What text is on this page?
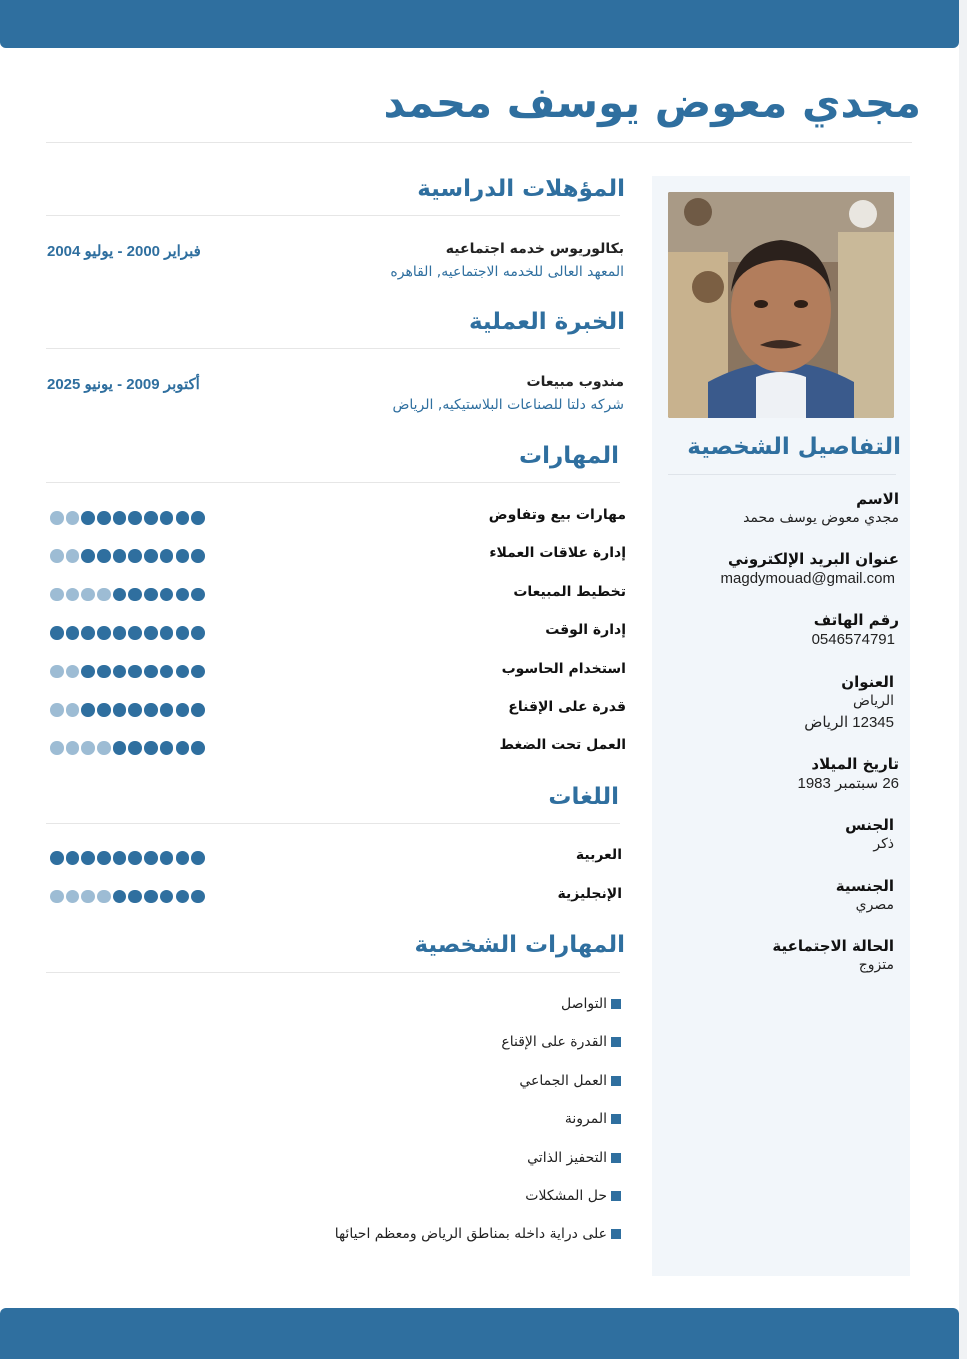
مجدي معوض يوسف محمد
التفاصيل الشخصية
الاسم
مجدي معوض يوسف محمد
عنوان البريد الإلكتروني
magdymouad@gmail.com
رقم الهاتف
0546574791
العنوان
الرياض
12345 الرياض
تاريخ الميلاد
26 سبتمبر 1983
الجنس
ذكر
الجنسية
مصري
الحالة الاجتماعية
متزوج
المؤهلات الدراسية
بكالوريوس خدمه اجتماعيه
المعهد العالى للخدمه الاجتماعيه, القاهره
فبراير 2000 - يوليو 2004
الخبرة العملية
مندوب مبيعات
شركه دلتا للصناعات البلاستيكيه, الرياض
أكتوبر 2009 - يونيو 2025
المهارات
مهارات بيع وتفاوض
إدارة علاقات العملاء
تخطيط المبيعات
إدارة الوقت
استخدام الحاسوب
قدرة على الإقناع
العمل تحت الضغط
اللغات
العربية
الإنجليزية
المهارات الشخصية
التواصل
القدرة على الإقناع
العمل الجماعي
المرونة
التحفيز الذاتي
حل المشكلات
على دراية داخله بمناطق الرياض ومعظم احيائها
